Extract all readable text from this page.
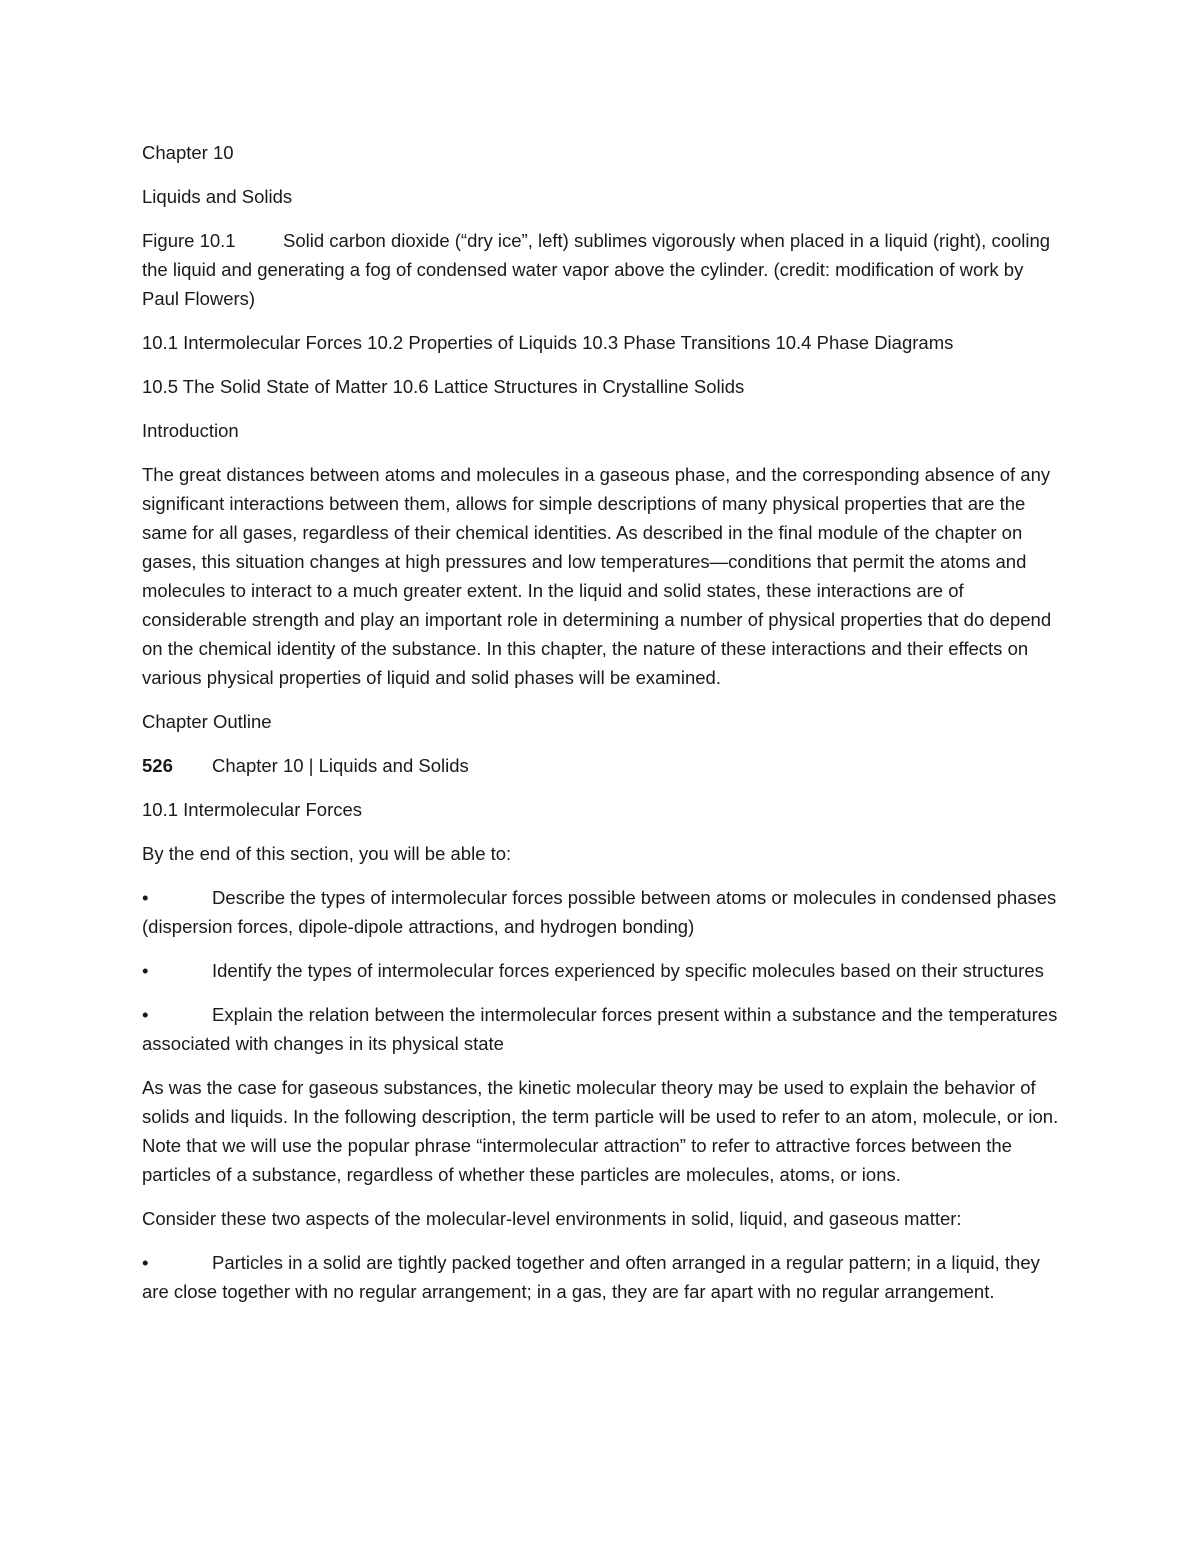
Chapter 10

Liquids and Solids

Figure 10.1	Solid carbon dioxide (“dry ice”, left) sublimes vigorously when placed in a liquid (right), cooling the liquid and generating a fog of condensed water vapor above the cylinder. (credit: modification of work by Paul Flowers)

10.1 Intermolecular Forces 10.2 Properties of Liquids 10.3 Phase Transitions 10.4 Phase Diagrams

10.5 The Solid State of Matter 10.6 Lattice Structures in Crystalline Solids

Introduction

The great distances between atoms and molecules in a gaseous phase, and the corresponding absence of any significant interactions between them, allows for simple descriptions of many physical properties that are the same for all gases, regardless of their chemical identities. As described in the final module of the chapter on gases, this situation changes at high pressures and low temperatures—conditions that permit the atoms and molecules to interact to a much greater extent. In the liquid and solid states, these interactions are of considerable strength and play an important role in determining a number of physical properties that do depend on the chemical identity of the substance. In this chapter, the nature of these interactions and their effects on various physical properties of liquid and solid phases will be examined.

Chapter Outline

526 Chapter 10 | Liquids and Solids

10.1 Intermolecular Forces

By the end of this section, you will be able to:

•	Describe the types of intermolecular forces possible between atoms or molecules in condensed phases (dispersion forces, dipole-dipole attractions, and hydrogen bonding)

•	Identify the types of intermolecular forces experienced by specific molecules based on their structures

•	Explain the relation between the intermolecular forces present within a substance and the temperatures associated with changes in its physical state

As was the case for gaseous substances, the kinetic molecular theory may be used to explain the behavior of solids and liquids. In the following description, the term particle will be used to refer to an atom, molecule, or ion. Note that we will use the popular phrase “intermolecular attraction” to refer to attractive forces between the particles of a substance, regardless of whether these particles are molecules, atoms, or ions.

Consider these two aspects of the molecular-level environments in solid, liquid, and gaseous matter:

•	Particles in a solid are tightly packed together and often arranged in a regular pattern; in a liquid, they are close together with no regular arrangement; in a gas, they are far apart with no regular arrangement.
